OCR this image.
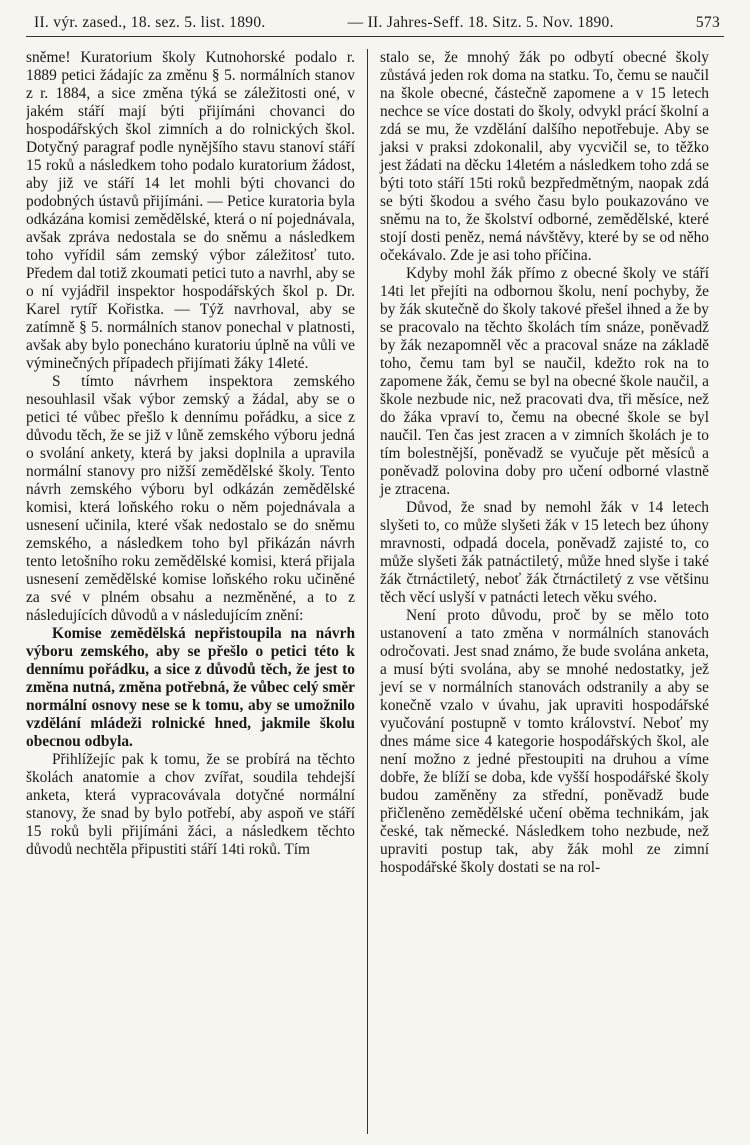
II. výr. zased., 18. sez. 5. list. 1890.	— II. Jahres-Seff. 18. Sitz. 5. Nov. 1890.	573

sněme! Kuratorium školy Kutnohorské podalo r. 1889 petici žádajíc za změnu § 5. normálních stanov z r. 1884, a sice změna týká se záležitosti oné, v jakém stáří mají býti přijímáni chovanci do hospodářských škol zimních a do rolnických škol. Dotyčný paragraf podle nynějšího stavu stanoví stáří 15 roků a následkem toho podalo kuratorium žádost, aby již ve stáří 14 let mohli býti chovanci do podobných ústavů přijímáni. — Petice kuratoria byla odkázána komisi zemědělské, která o ní pojednávala, avšak zpráva nedostala se do sněmu a následkem toho vyřídil sám zemský výbor záležitosť tuto. Předem dal totiž zkoumati petici tuto a navrhl, aby se o ní vyjádřil inspektor hospodářských škol p. Dr. Karel rytíř Kořistka. — Týž navrhoval, aby se zatímně § 5. normálních stanov ponechal v platnosti, avšak aby bylo ponecháno kuratoriu úplně na vůli ve výminečných případech přijímati žáky 14leté.

S tímto návrhem inspektora zemského nesouhlasil však výbor zemský a žádal, aby se o petici té vůbec přešlo k dennímu pořádku, a sice z důvodu těch, že se již v lůně zemského výboru jedná o svolání ankety, která by jaksi doplnila a upravila normální stanovy pro nižší zemědělské školy. Tento návrh zemského výboru byl odkázán zemědělské komisi, která loňského roku o něm pojednávala a usnesení učinila, které však nedostalo se do sněmu zemského, a následkem toho byl přikázán návrh tento letošního roku zemědělské komisi, která přijala usnesení zemědělské komise loňského roku učiněné za své v plném obsahu a nezměněné, a to z následujících důvodů a v následujícím znění:

Komise zemědělská nepřistoupila na návrh výboru zemského, aby se přešlo o petici této k dennímu pořádku, a sice z důvodů těch, že jest to změna nutná, změna potřebná, že vůbec celý směr normální osnovy nese se k tomu, aby se umožnilo vzdělání mládeži rolnické hned, jakmile školu obecnou odbyla.

Přihlížejíc pak k tomu, že se probírá na těchto školách anatomie a chov zvířat, soudila tehdejší anketa, která vypracovávala dotyčné normální stanovy, že snad by bylo potřebí, aby aspoň ve stáří 15 roků byli přijímáni žáci, a následkem těchto důvodů nechtěla připustiti stáří 14ti roků. Tím

stalo se, že mnohý žák po odbytí obecné školy zůstává jeden rok doma na statku. To, čemu se naučil na škole obecné, částečně zapomene a v 15 letech nechce se více dostati do školy, odvykl prácí školní a zdá se mu, že vzdělání dalšího nepotřebuje. Aby se jaksi v praksi zdokonalil, aby vycvičil se, to těžko jest žádati na děcku 14letém a následkem toho zdá se býti toto stáří 15ti roků bezpředmětným, naopak zdá se býti škodou a svého času bylo poukazováno ve sněmu na to, že školství odborné, zemědělské, které stojí dosti peněz, nemá návštěvy, které by se od něho očekávalo. Zde je asi toho příčina.

Kdyby mohl žák přímo z obecné školy ve stáří 14ti let přejíti na odbornou školu, není pochyby, že by žák skutečně do školy takové přešel ihned a že by se pracovalo na těchto školách tím snáze, poněvadž by žák nezapomněl věc a pracoval snáze na základě toho, čemu tam byl se naučil, kdežto rok na to zapomene žák, čemu se byl na obecné škole naučil, a škole nezbude nic, než pracovati dva, tři měsíce, než do žáka vpraví to, čemu na obecné škole se byl naučil. Ten čas jest zracen a v zimních školách je to tím bolestnější, poněvadž se vyučuje pět měsíců a poněvadž polovina doby pro učení odborné vlastně je ztracena.

Důvod, že snad by nemohl žák v 14 letech slyšeti to, co může slyšeti žák v 15 letech bez úhony mravnosti, odpadá docela, poněvadž zajisté to, co může slyšeti žák patnáctiletý, může hned slyše i také žák čtrnáctiletý, neboť žák čtrnáctiletý z vse většinu těch věcí uslyší v patnácti letech věku svého.

Není proto důvodu, proč by se mělo toto ustanovení a tato změna v normálních stanovách odročovati. Jest snad známo, že bude svolána anketa, a musí býti svolána, aby se mnohé nedostatky, jež jeví se v normálních stanovách odstranily a aby se konečně vzalo v úvahu, jak upraviti hospodářské vyučování postupně v tomto království. Neboť my dnes máme sice 4 kategorie hospodářských škol, ale není možno z jedné přestoupiti na druhou a víme dobře, že blíží se doba, kde vyšší hospodářské školy budou zaměněny za střední, poněvadž bude přičleněno zemědělské učení oběma technikám, jak české, tak německé. Následkem toho nezbude, než upraviti postup tak, aby žák mohl ze zimní hospodářské školy dostati se na rol-
